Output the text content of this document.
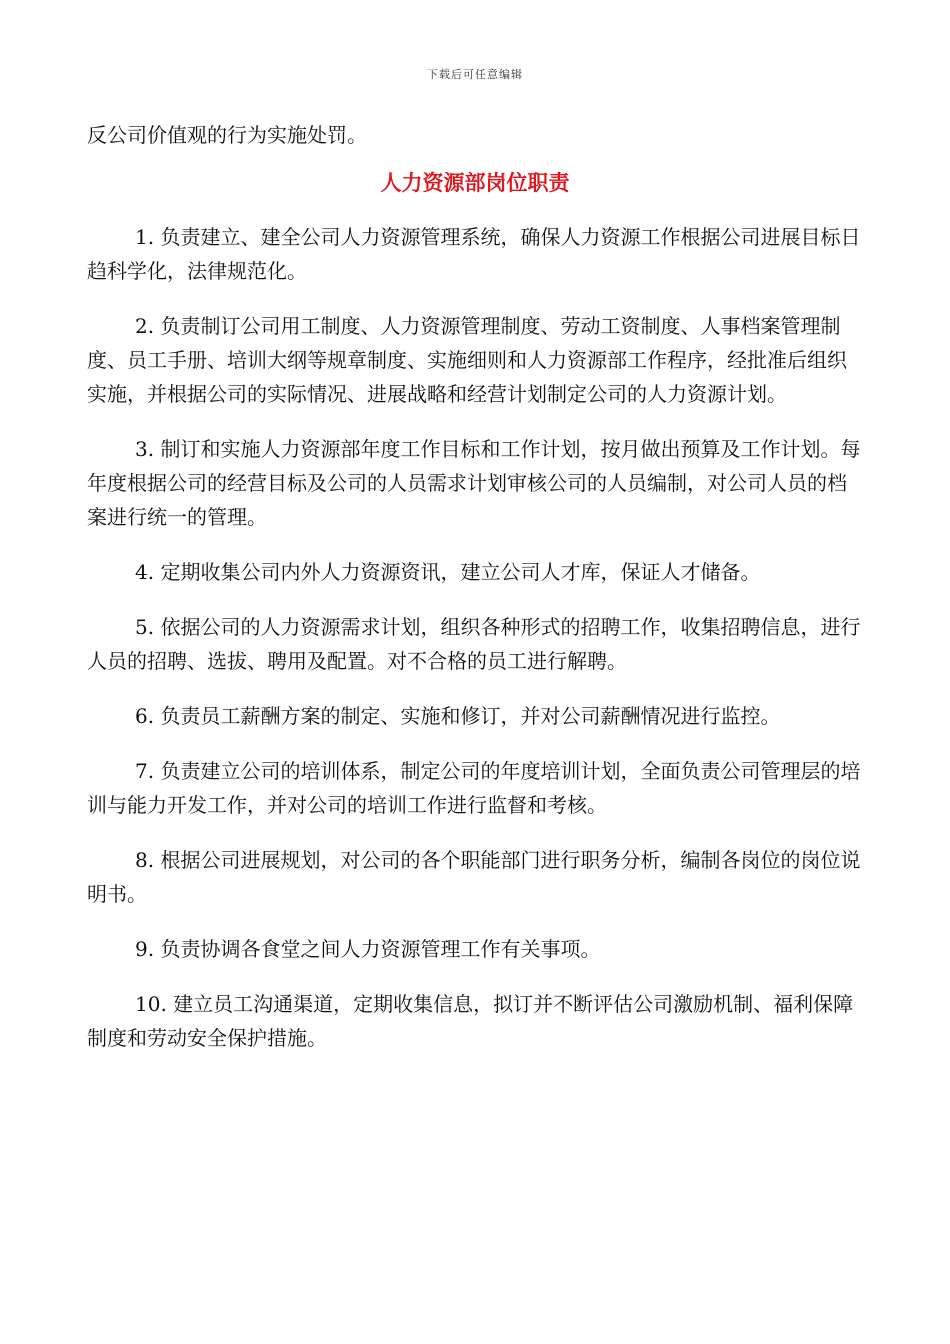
下载后可任意编辑

反公司价值观的行为实施处罚。

人力资源部岗位职责

1. 负责建立、建全公司人力资源管理系统，确保人力资源工作根据公司进展目标日趋科学化，法律规范化。

2. 负责制订公司用工制度、人力资源管理制度、劳动工资制度、人事档案管理制度、员工手册、培训大纲等规章制度、实施细则和人力资源部工作程序，经批准后组织实施，并根据公司的实际情况、进展战略和经营计划制定公司的人力资源计划。

3. 制订和实施人力资源部年度工作目标和工作计划，按月做出预算及工作计划。每年度根据公司的经营目标及公司的人员需求计划审核公司的人员编制，对公司人员的档案进行统一的管理。

4. 定期收集公司内外人力资源资讯，建立公司人才库，保证人才储备。

5. 依据公司的人力资源需求计划，组织各种形式的招聘工作，收集招聘信息，进行人员的招聘、选拔、聘用及配置。对不合格的员工进行解聘。

6. 负责员工薪酬方案的制定、实施和修订，并对公司薪酬情况进行监控。

7. 负责建立公司的培训体系，制定公司的年度培训计划，全面负责公司管理层的培训与能力开发工作，并对公司的培训工作进行监督和考核。

8. 根据公司进展规划，对公司的各个职能部门进行职务分析，编制各岗位的岗位说明书。

9. 负责协调各食堂之间人力资源管理工作有关事项。

10. 建立员工沟通渠道，定期收集信息，拟订并不断评估公司激励机制、福利保障制度和劳动安全保护措施。
